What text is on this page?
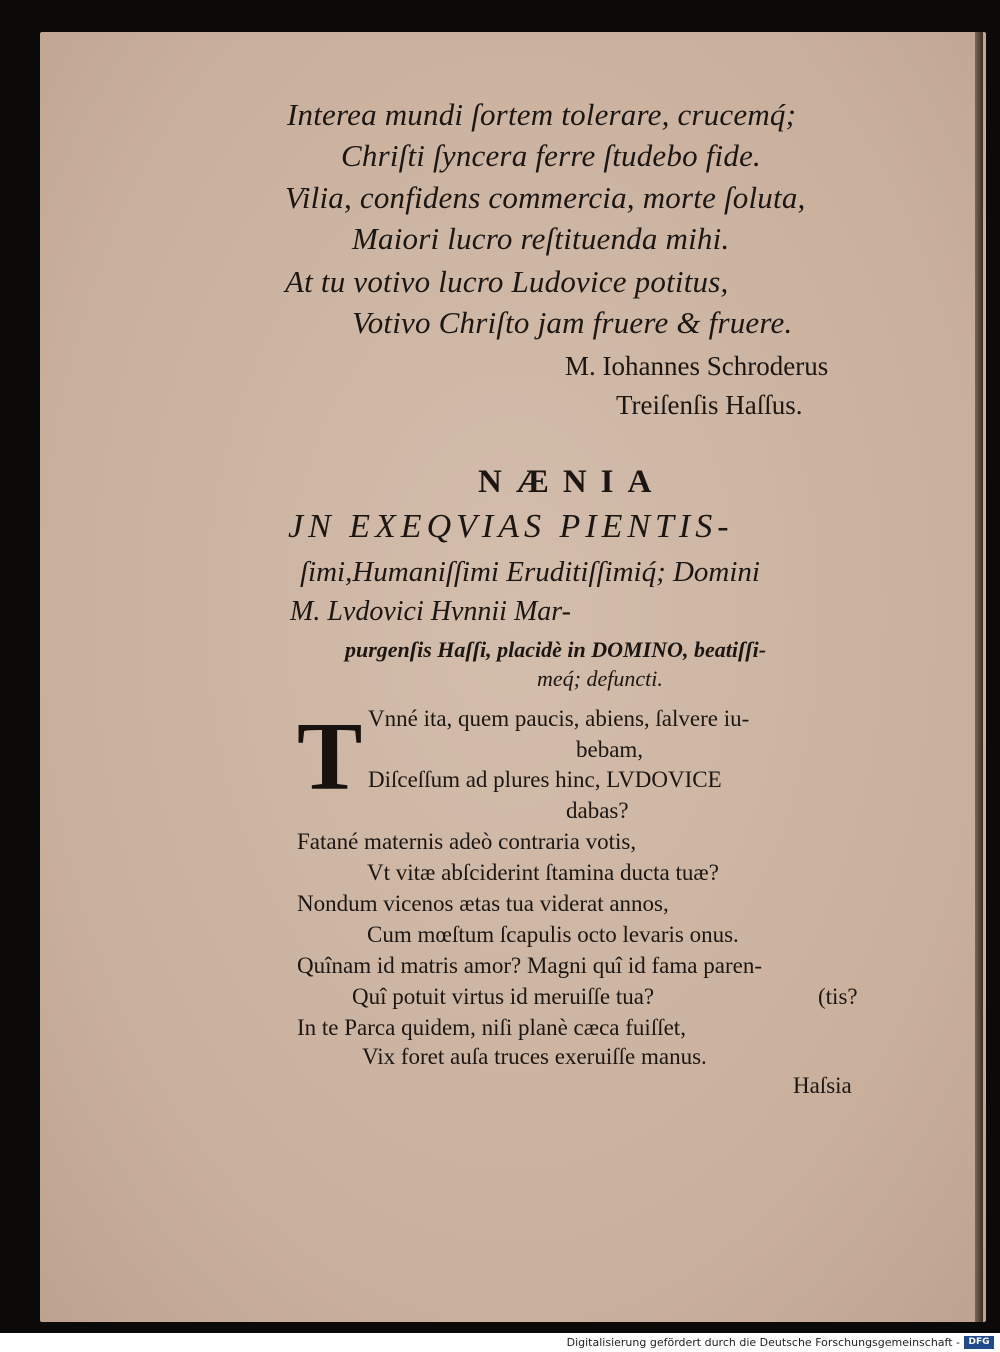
Interea mundi ſortem tolerare, crucemq́;
Chriſti ſyncera ferre ſtudebo fide.
Vilia, confidens commercia, morte ſoluta,
Maiori lucro reſtituenda mihi.
At tu votivo lucro Ludovice potitus,
Votivo Chriſto jam fruere & fruere.
M. Iohannes Schroderus
Treiſenſis Haſſus.
NÆNIA
JN EXEQVIAS PIENTIS-
ſimi,Humaniſſimi Eruditiſſimiq́; Domini
M. Lvdovici Hvnnii Mar-
purgenſis Haſſi, placidè in DOMINO, beatiſſi-
meq́; defuncti.
T Vnné ita, quem paucis, abiens, ſalvere iu-
bebam,
Diſceſſum ad plures hinc, LVDOVICE
dabas?
Fatané maternis adeò contraria votis,
Vt vitæ abſciderint ſtamina ducta tuæ?
Nondum vicenos ætas tua viderat annos,
Cum mœſtum ſcapulis octo levaris onus.
Quînam id matris amor? Magni quî id fama paren-
Quî potuit virtus id meruiſſe tua?	(tis?
In te Parca quidem, niſi planè cæca fuiſſet,
Vix foret auſa truces exeruiſſe manus.
Haſsia
Digitalisierung gefördert durch die Deutsche Forschungsgemeinschaft - DFG
